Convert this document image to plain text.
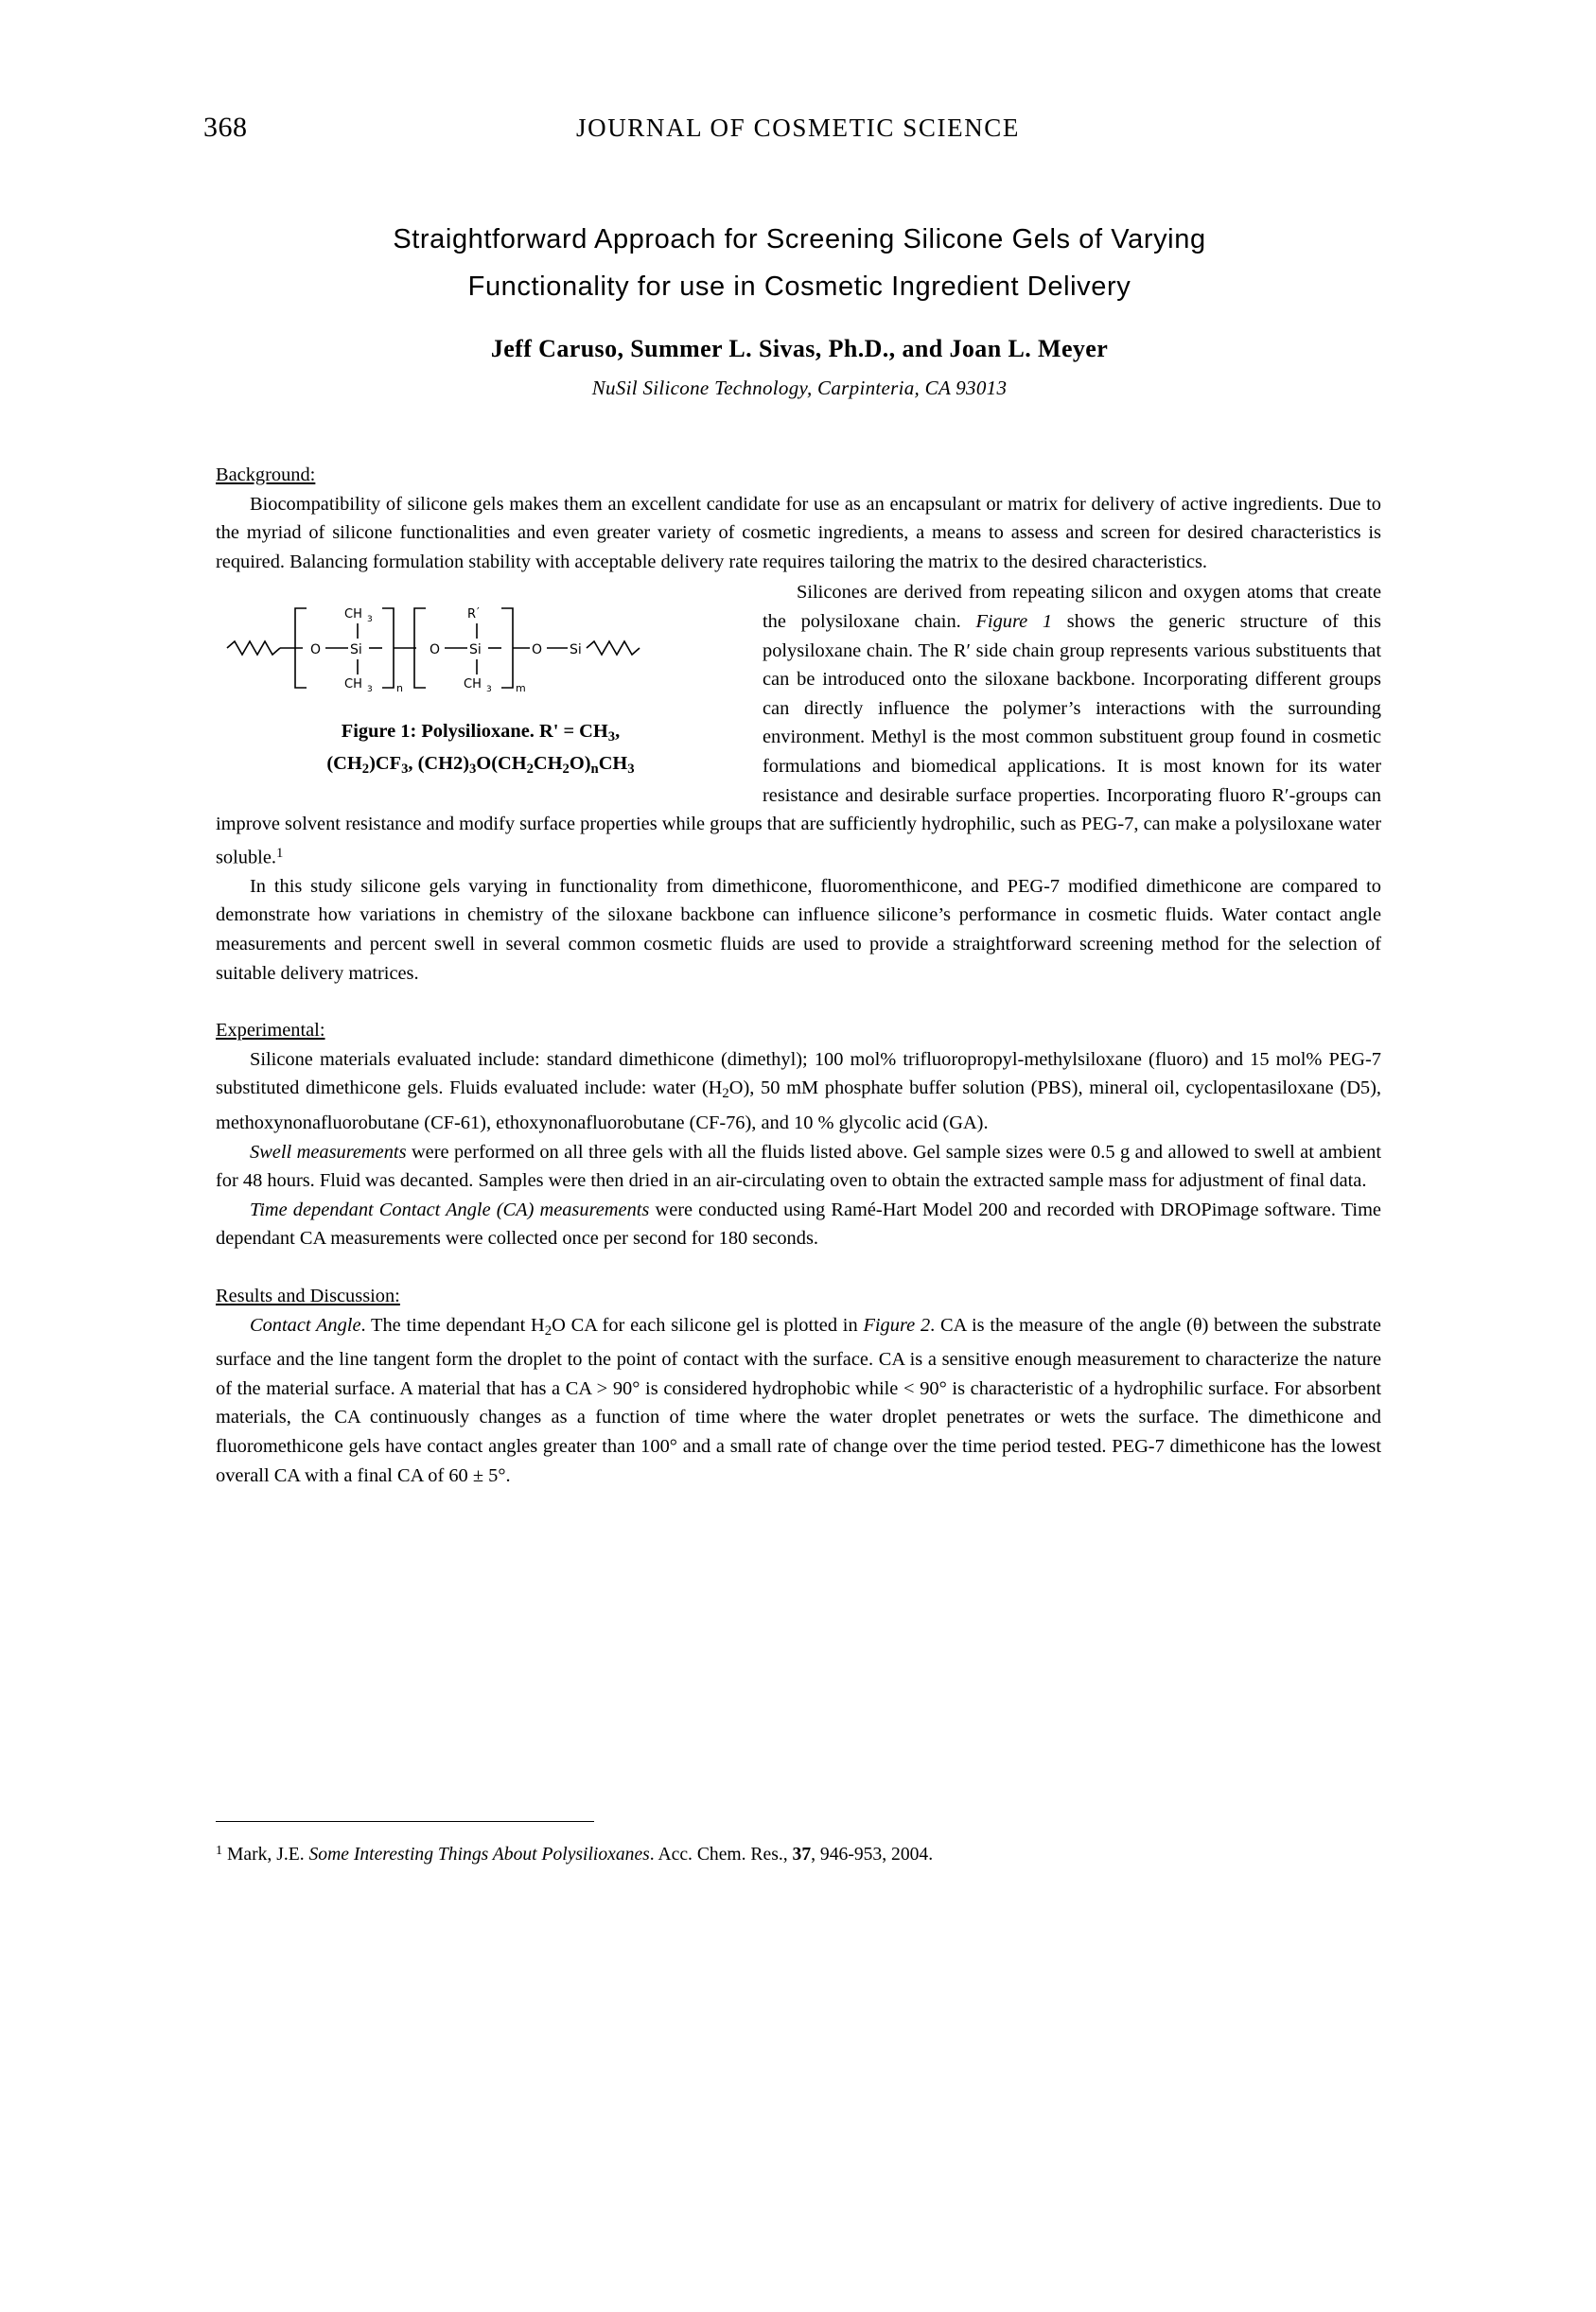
368	JOURNAL OF COSMETIC SCIENCE
Straightforward Approach for Screening Silicone Gels of Varying
Functionality for use in Cosmetic Ingredient Delivery
Jeff Caruso, Summer L. Sivas, Ph.D., and Joan L. Meyer
NuSil Silicone Technology, Carpinteria, CA 93013

Background:

Biocompatibility of silicone gels makes them an excellent candidate for use as an encapsulant or matrix for delivery of active ingredients. Due to the myriad of silicone functionalities and even greater variety of cosmetic ingredients, a means to assess and screen for desired characteristics is required. Balancing formulation stability with acceptable delivery rate requires tailoring the matrix to the desired characteristics.

O Si
CH 3
CH 3 n
O Si
R ′
CH 3 m
O Si
Figure 1: Polysilioxane. $R' = CH_3$,
$(CH_2)CF_3$, $(CH2)_3O(CH_2CH_2O)_nCH_3$

Silicones are derived from repeating silicon and oxygen atoms that create the polysiloxane chain. Figure 1 shows the generic structure of this polysiloxane chain. The R′ side chain group represents various substituents that can be introduced onto the siloxane backbone. Incorporating different groups can directly influence the polymer’s interactions with the surrounding environment. Methyl is the most common substituent group found in cosmetic formulations and biomedical applications. It is most known for its water resistance and desirable surface properties. Incorporating fluoro R′-groups can improve solvent resistance and modify surface properties while groups that are sufficiently hydrophilic, such as PEG-7, can make a polysiloxane water soluble.$^1$

In this study silicone gels varying in functionality from dimethicone, fluoromenthicone, and PEG-7 modified dimethicone are compared to demonstrate how variations in chemistry of the siloxane backbone can influence silicone’s performance in cosmetic fluids. Water contact angle measurements and percent swell in several common cosmetic fluids are used to provide a straightforward screening method for the selection of suitable delivery matrices.

Experimental:

Silicone materials evaluated include: standard dimethicone (dimethyl); 100 mol% trifluoropropyl-methylsiloxane (fluoro) and 15 mol% PEG-7 substituted dimethicone gels. Fluids evaluated include: water $(H_2O)$, 50 mM phosphate buffer solution (PBS), mineral oil, cyclopentasiloxane (D5), methoxynonafluorobutane (CF-61), ethoxynonafluorobutane (CF-76), and 10 % glycolic acid (GA).

Swell measurements were performed on all three gels with all the fluids listed above. Gel sample sizes were 0.5 g and allowed to swell at ambient for 48 hours. Fluid was decanted. Samples were then dried in an air-circulating oven to obtain the extracted sample mass for adjustment of final data.

Time dependant Contact Angle (CA) measurements were conducted using Ramé-Hart Model 200 and recorded with DROPimage software. Time dependant CA measurements were collected once per second for 180 seconds.

Results and Discussion:

Contact Angle. The time dependant $H_2O$ CA for each silicone gel is plotted in Figure 2. CA is the measure of the angle (θ) between the substrate surface and the line tangent form the droplet to the point of contact with the surface. CA is a sensitive enough measurement to characterize the nature of the material surface. A material that has a CA > 90° is considered hydrophobic while < 90° is characteristic of a hydrophilic surface. For absorbent materials, the CA continuously changes as a function of time where the water droplet penetrates or wets the surface. The dimethicone and fluoromethicone gels have contact angles greater than 100° and a small rate of change over the time period tested. PEG-7 dimethicone has the lowest overall CA with a final CA of 60 ± 5°.

$^1$ Mark, J.E. Some Interesting Things About Polysilioxanes. Acc. Chem. Res., 37, 946-953, 2004.
